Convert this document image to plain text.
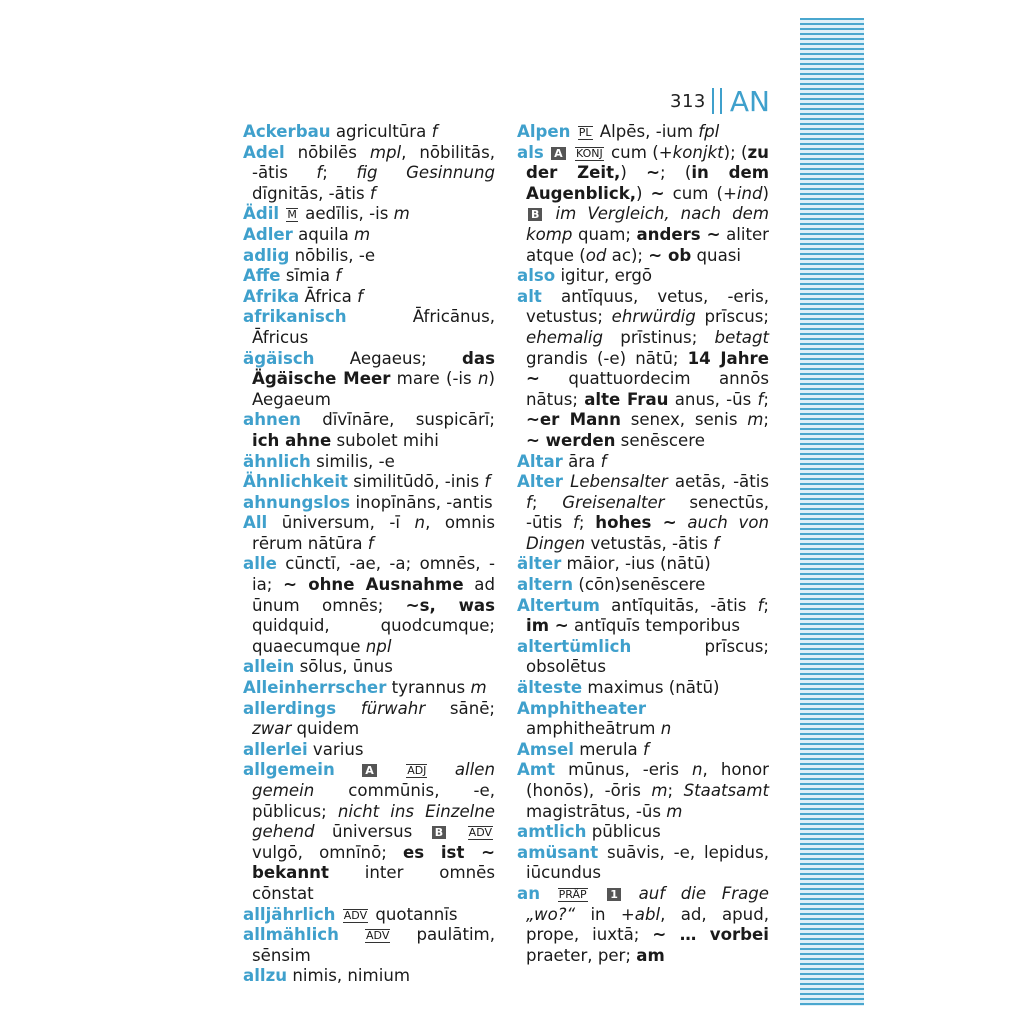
313 AN

Ackerbau agricultūra f

Adel nōbilēs mpl, nōbilitās, -ātis f; fig Gesinnung dīgnitās, -ātis f

Ädil M aedīlis, -is m

Adler aquila m

adlig nōbilis, -e

Affe sīmia f

Afrika Āfrica f

afrikanisch Āfricānus, Āfricus

ägäisch Aegaeus; das Ägäische Meer mare (-is n) Aegaeum

ahnen dīvīnāre, suspicārī; ich ahne subolet mihi

ähnlich similis, -e

Ähnlichkeit similitūdō, -inis f

ahnungslos inopīnāns, -antis

All ūniversum, -ī n, omnis rērum nātūra f

alle cūnctī, -ae, -a; omnēs, -ia; ~ ohne Ausnahme ad ūnum omnēs; ~s, was quidquid, quodcumque; quaecumque npl

allein sōlus, ūnus

Alleinherrscher tyrannus m

allerdings fürwahr sānē; zwar quidem

allerlei varius

allgemein	A	ADJ allen gemein commūnis, -e, pūblicus; nicht ins Einzelne gehend ūniversus B ADV vulgō, omnīnō; es ist ~ bekannt inter omnēs cōnstat

alljährlich ADV quotannīs

allmählich ADV paulātim, sēnsim

allzu nimis, nimium

Alpen PL Alpēs, -ium fpl

als A KONJ cum (+konjkt); (zu der Zeit,) ~; (in dem Augenblick,) ~ cum (+ind) B im Vergleich, nach dem komp quam; anders ~ aliter atque (od ac); ~ ob quasi

also igitur, ergō

alt antīquus, vetus, -eris, vetustus; ehrwürdig prīscus; ehemalig prīstinus; betagt grandis (-e) nātū; 14 Jahre ~ quattuordecim annōs nātus; alte Frau anus, -ūs f; ~er Mann senex, senis m; ~ werden senēscere

Altar āra f

Alter Lebensalter aetās, -ātis f; Greisenalter senectūs, -ūtis f; hohes ~ auch von Dingen vetustās, -ātis f

älter māior, -ius (nātū)

altern (cōn)senēscere

Altertum antīquitās, -ātis f; im ~ antīquīs temporibus

altertümlich prīscus; obsolētus

älteste maximus (nātū)

Amphitheater amphitheātrum n

Amsel merula f

Amt mūnus, -eris n, honor (honōs), -ōris m; Staatsamt magistrātus, -ūs m

amtlich pūblicus

amüsant suāvis, -e, lepidus, iūcundus

an PRÄP 1 auf die Frage „wo?“ in +abl, ad, apud, prope, iuxtā; ~ … vorbei praeter, per; am
